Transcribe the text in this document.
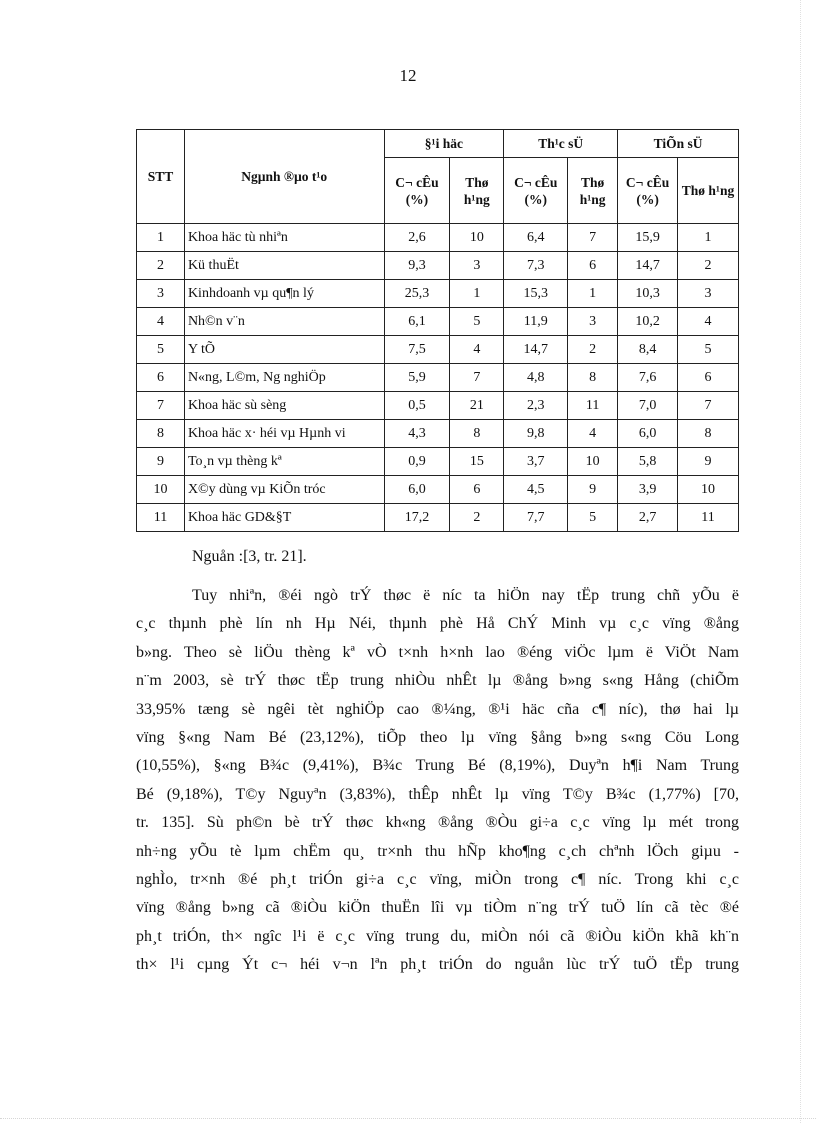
12
STT	Ngµnh ®µo t¹o	§¹i häc		Th¹c sÜ		TiÕn sÜ	
		C¬ cÊu (%)	Thø h¹ng	C¬ cÊu (%)	Thø h¹ng	C¬ cÊu (%)	Thø h¹ng
1	Khoa häc tù nhiªn	2,6	10	6,4	7	15,9	1
2	Kü thuËt	9,3	3	7,3	6	14,7	2
3	Kinhdoanh vµ qu¶n lý	25,3	1	15,3	1	10,3	3
4	Nh©n v¨n	6,1	5	11,9	3	10,2	4
5	Y tÕ	7,5	4	14,7	2	8,4	5
6	N«ng, L©m, Ng nghiÖp	5,9	7	4,8	8	7,6	6
7	Khoa häc sù sèng	0,5	21	2,3	11	7,0	7
8	Khoa häc x· héi vµ Hµnh vi	4,3	8	9,8	4	6,0	8
9	To¸n vµ thèng kª	0,9	15	3,7	10	5,8	9
10	X©y dùng vµ KiÕn tróc	6,0	6	4,5	9	3,9	10
11	Khoa häc GD&§T	17,2	2	7,7	5	2,7	11
Nguån :[3, tr. 21].
Tuy nhiªn, ®éi ngò trÝ thøc ë níc ta hiÖn nay tËp trung chñ yÕu ë
c¸c thµnh phè lín nh Hµ Néi, thµnh phè Hå ChÝ Minh vµ c¸c vïng ®ång
b»ng. Theo sè liÖu thèng kª vÒ t×nh h×nh lao ®éng viÖc lµm ë ViÖt Nam
n¨m 2003, sè trÝ thøc tËp trung nhiÒu nhÊt lµ ®ång b»ng s«ng Hång (chiÕm
33,95% tæng sè ngêi tèt nghiÖp cao ®¼ng, ®¹i häc cña c¶ níc), thø hai lµ
vïng §«ng Nam Bé (23,12%), tiÕp theo lµ vïng §ång b»ng s«ng Cöu Long
(10,55%), §«ng B¾c (9,41%), B¾c Trung Bé (8,19%), Duyªn h¶i Nam Trung
Bé (9,18%), T©y Nguyªn (3,83%), thÊp nhÊt lµ vïng T©y B¾c (1,77%) [70,
tr. 135]. Sù ph©n bè trÝ thøc kh«ng ®ång ®Òu gi÷a c¸c vïng lµ mét trong
nh÷ng yÕu tè lµm chËm qu¸ tr×nh thu hÑp kho¶ng c¸ch chªnh lÖch giµu -
nghÌo, tr×nh ®é ph¸t triÓn gi÷a c¸c vïng, miÒn trong c¶ níc. Trong khi c¸c
vïng ®ång b»ng cã ®iÒu kiÖn thuËn lîi vµ tiÒm n¨ng trÝ tuÖ lín cã tèc ®é
ph¸t triÓn, th× ngîc l¹i ë c¸c vïng trung du, miÒn nói cã ®iÒu kiÖn khã kh¨n
th× l¹i cµng Ýt c¬ héi v¬n lªn ph¸t triÓn do nguån lùc trÝ tuÖ tËp trung
